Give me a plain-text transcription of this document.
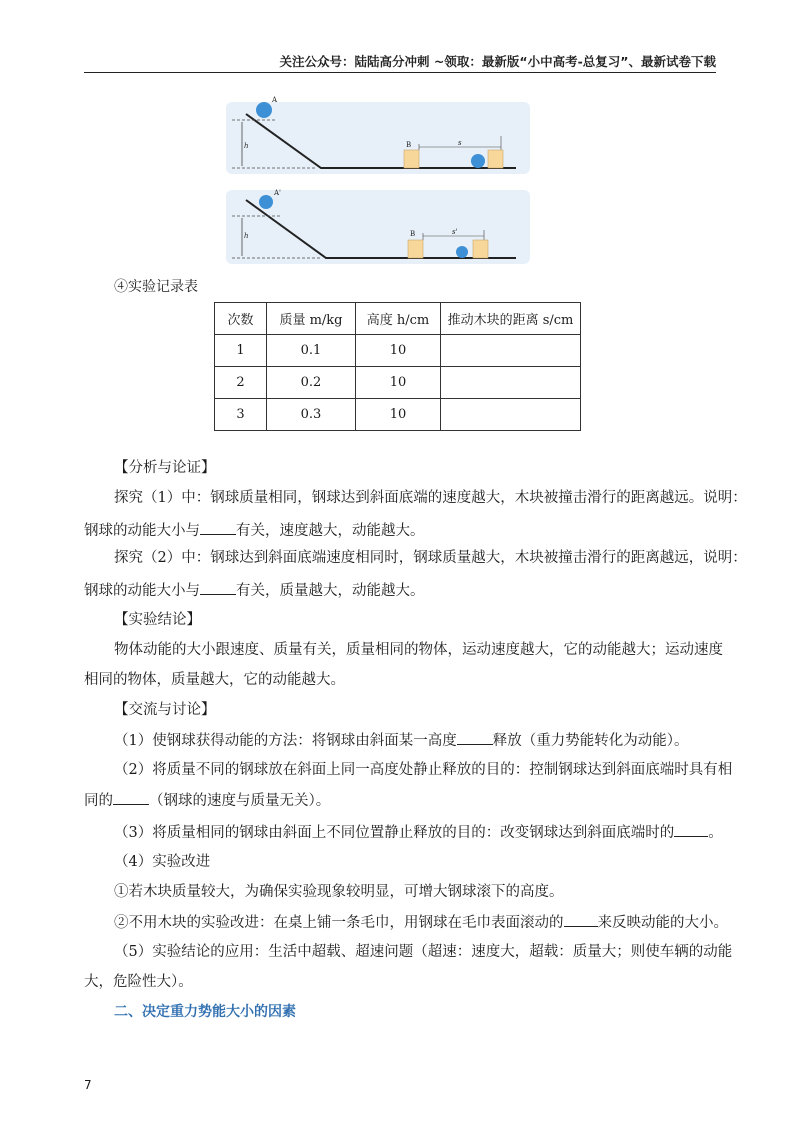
关注公众号：陆陆高分冲刺 ~领取：最新版“小中高考-总复习”、最新试卷下载
h
A
B	s
h
A'
B	s'
④实验记录表
次数	质量 m/kg	高度 h/cm	推动木块的距离 s/cm
1	0.1	10	
2	0.2	10	
3	0.3	10	
【分析与论证】
探究（1）中：钢球质量相同，钢球达到斜面底端的速度越大，木块被撞击滑行的距离越远。说明：
钢球的动能大小与 有关，速度越大，动能越大。
探究（2）中：钢球达到斜面底端速度相同时，钢球质量越大，木块被撞击滑行的距离越远，说明：
钢球的动能大小与 有关，质量越大，动能越大。
【实验结论】
物体动能的大小跟速度、质量有关，质量相同的物体，运动速度越大，它的动能越大；运动速度
相同的物体，质量越大，它的动能越大。
【交流与讨论】
（1）使钢球获得动能的方法：将钢球由斜面某一高度 释放（重力势能转化为动能）。
（2）将质量不同的钢球放在斜面上同一高度处静止释放的目的：控制钢球达到斜面底端时具有相
同的 （钢球的速度与质量无关）。
（3）将质量相同的钢球由斜面上不同位置静止释放的目的：改变钢球达到斜面底端时的 。
（4）实验改进
①若木块质量较大，为确保实验现象较明显，可增大钢球滚下的高度。
②不用木块的实验改进：在桌上铺一条毛巾，用钢球在毛巾表面滚动的 来反映动能的大小。
（5）实验结论的应用：生活中超载、超速问题（超速：速度大，超载：质量大；则使车辆的动能
大，危险性大）。
二、决定重力势能大小的因素
7
